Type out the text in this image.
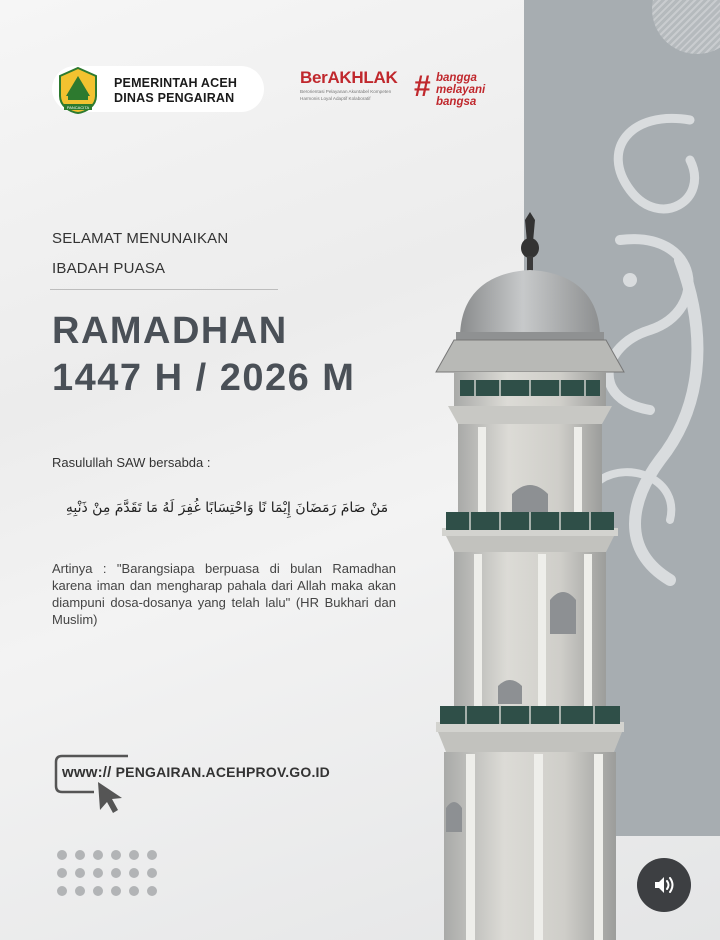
PANCACITA
PEMERINTAH ACEH
DINAS PENGAIRAN
BerAKHLAK
Berorientasi Pelayanan Akuntabel Kompeten
Harmonis Loyal Adaptif Kolaboratif	# bangga
melayani
bangsa
SELAMAT MENUNAIKAN
IBADAH PUASA
RAMADHAN
1447 H / 2026 M
Rasulullah SAW bersabda :
مَنْ صَامَ رَمَضَانَ إِيْمَا نًا وَاحْتِسَابًا غُفِرَ لَهُ مَا تَقَدَّمَ مِنْ ذَنْبِهِ
Artinya : "Barangsiapa berpuasa di bulan Ramadhan karena iman dan mengharap pahala dari Allah maka akan diampuni dosa-dosanya yang telah lalu" (HR Bukhari dan Muslim)
www:// PENGAIRAN.ACEHPROV.GO.ID
